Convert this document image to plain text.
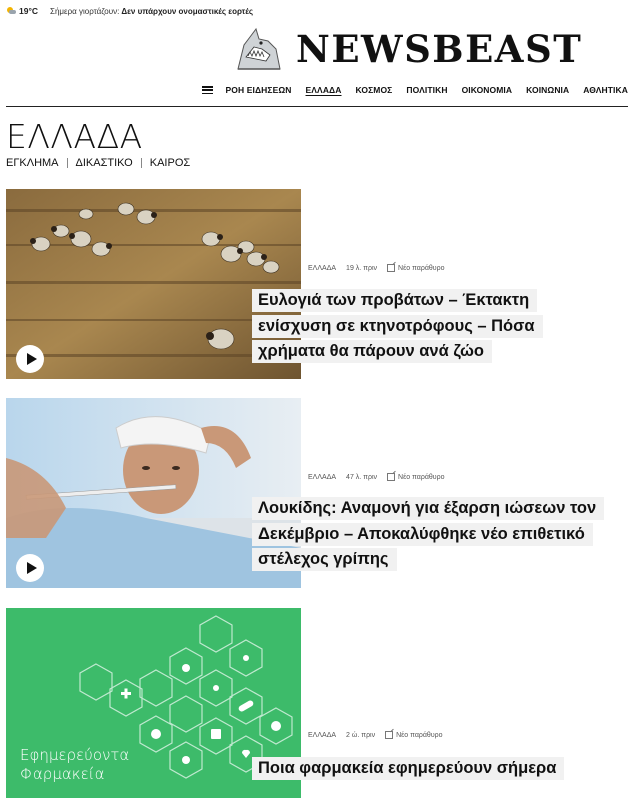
19°C Σήμερα γιορτάζουν: Δεν υπάρχουν ονομαστικές εορτές
NEWSBEAST
ΡΟΗ ΕΙΔΗΣΕΩΝ ΕΛΛΑΔΑ ΚΟΣΜΟΣ ΠΟΛΙΤΙΚΗ ΟΙΚΟΝΟΜΙΑ ΚΟΙΝΩΝΙΑ ΑΘΛΗΤΙΚΑ
ΕΛΛΑΔΑ
ΕΓΚΛΗΜΑ ΔΙΚΑΣΤΙΚΟ ΚΑΙΡΟΣ
ΕΛΛΑΔΑ 19 λ. πριν	Νέο παράθυρο
Ευλογιά των προβάτων – Έκτακτη ενίσχυση σε κτηνοτρόφους – Πόσα χρήματα θα πάρουν ανά ζώο
ΕΛΛΑΔΑ 47 λ. πριν	Νέο παράθυρο
Λουκίδης: Αναμονή για έξαρση ιώσεων τον Δεκέμβριο – Αποκαλύφθηκε νέο επιθετικό στέλεχος γρίπης
Εφημερεύοντα Φαρμακεία
ΕΛΛΑΔΑ 2 ώ. πριν	Νέο παράθυρο
Ποια φαρμακεία εφημερεύουν σήμερα
